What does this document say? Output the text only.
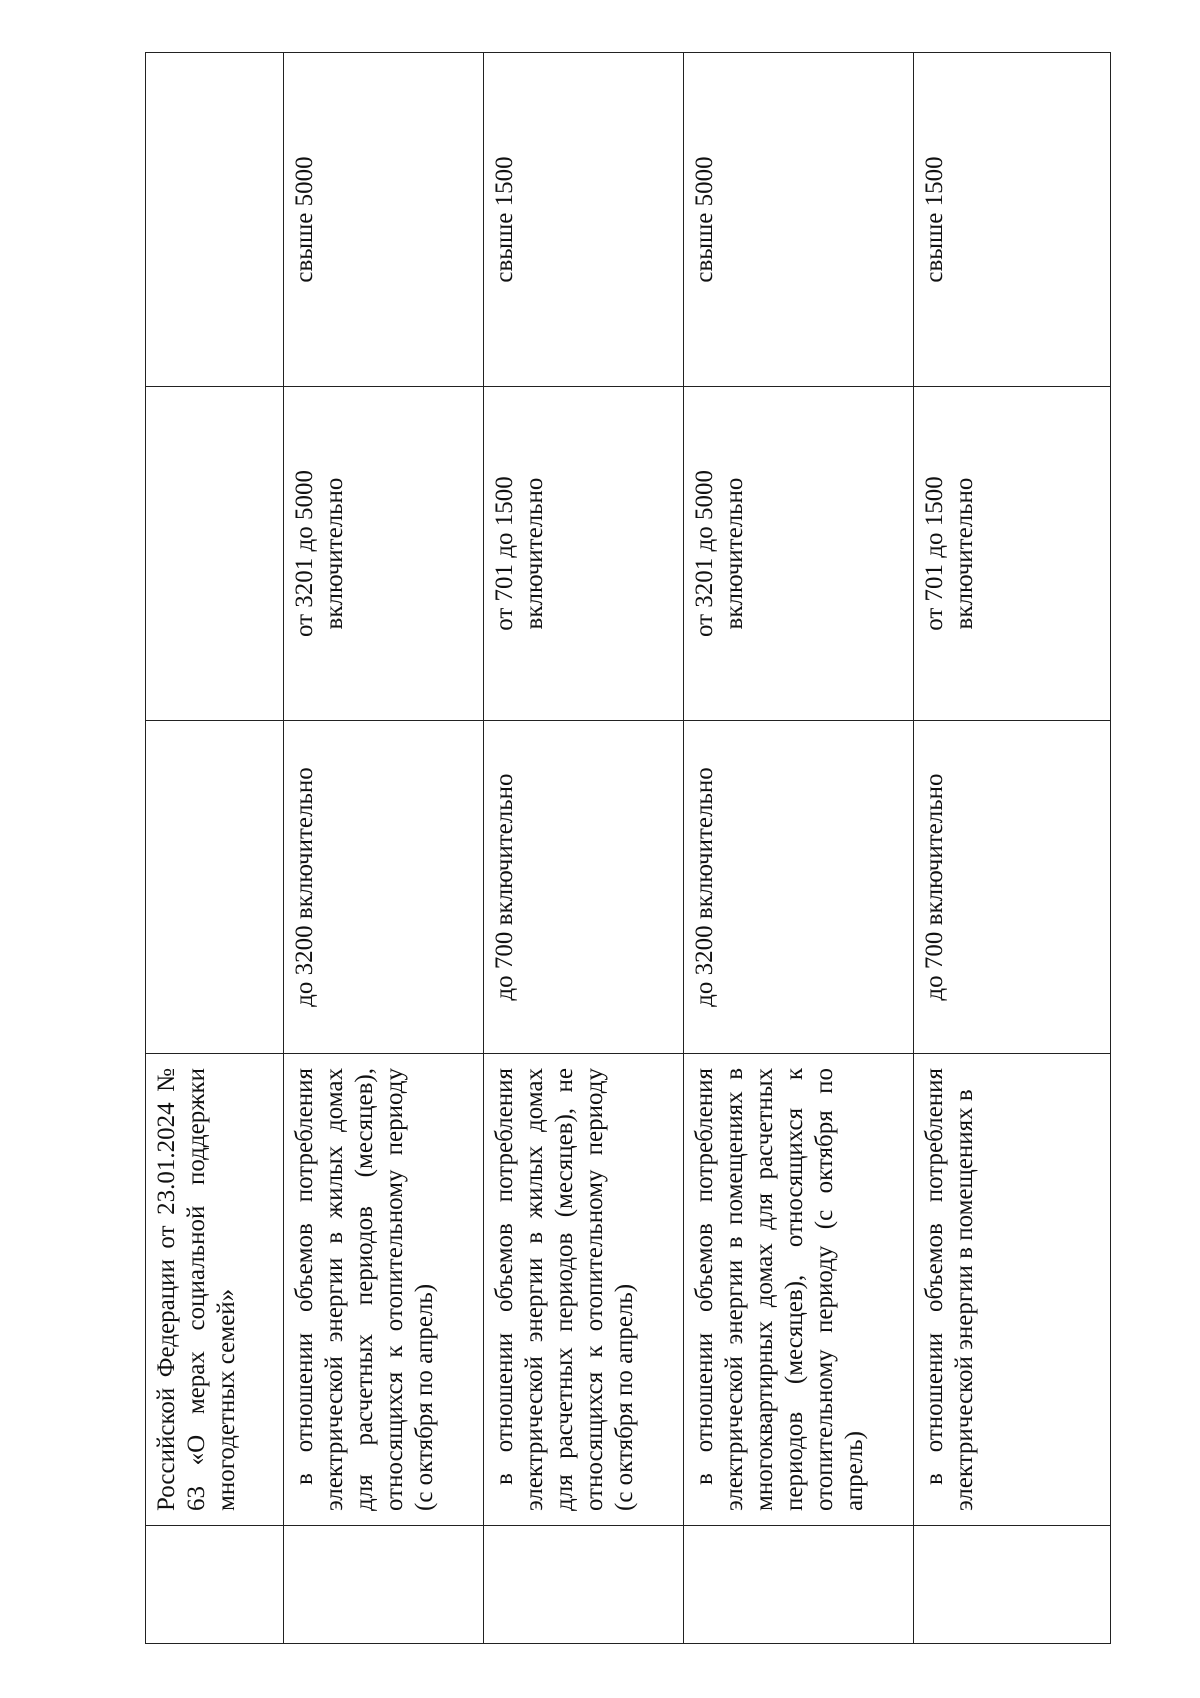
	Российской Федерации от 23.01.2024 № 63 «О мерах социальной поддержки многодетных семей»			

	в отношении объемов потребления электрической энергии в жилых домах для расчетных периодов (месяцев), относящихся к отопительному периоду (с октября по апрель)	до 3200 включительно	от 3201 до 5000 включительно	свыше 5000

	в отношении объемов потребления электрической энергии в жилых домах для расчетных периодов (месяцев), не относящихся к отопительному периоду (с октября по апрель)	до 700 включительно	от 701 до 1500 включительно	свыше 1500

	в отношении объемов потребления электрической энергии в помещениях в многоквартирных домах для расчетных периодов (месяцев), относящихся к отопительному периоду (с октября по апрель)	до 3200 включительно	от 3201 до 5000 включительно	свыше 5000

	в отношении объемов потребления электрической энергии в помещениях в	до 700 включительно	от 701 до 1500 включительно	свыше 1500
